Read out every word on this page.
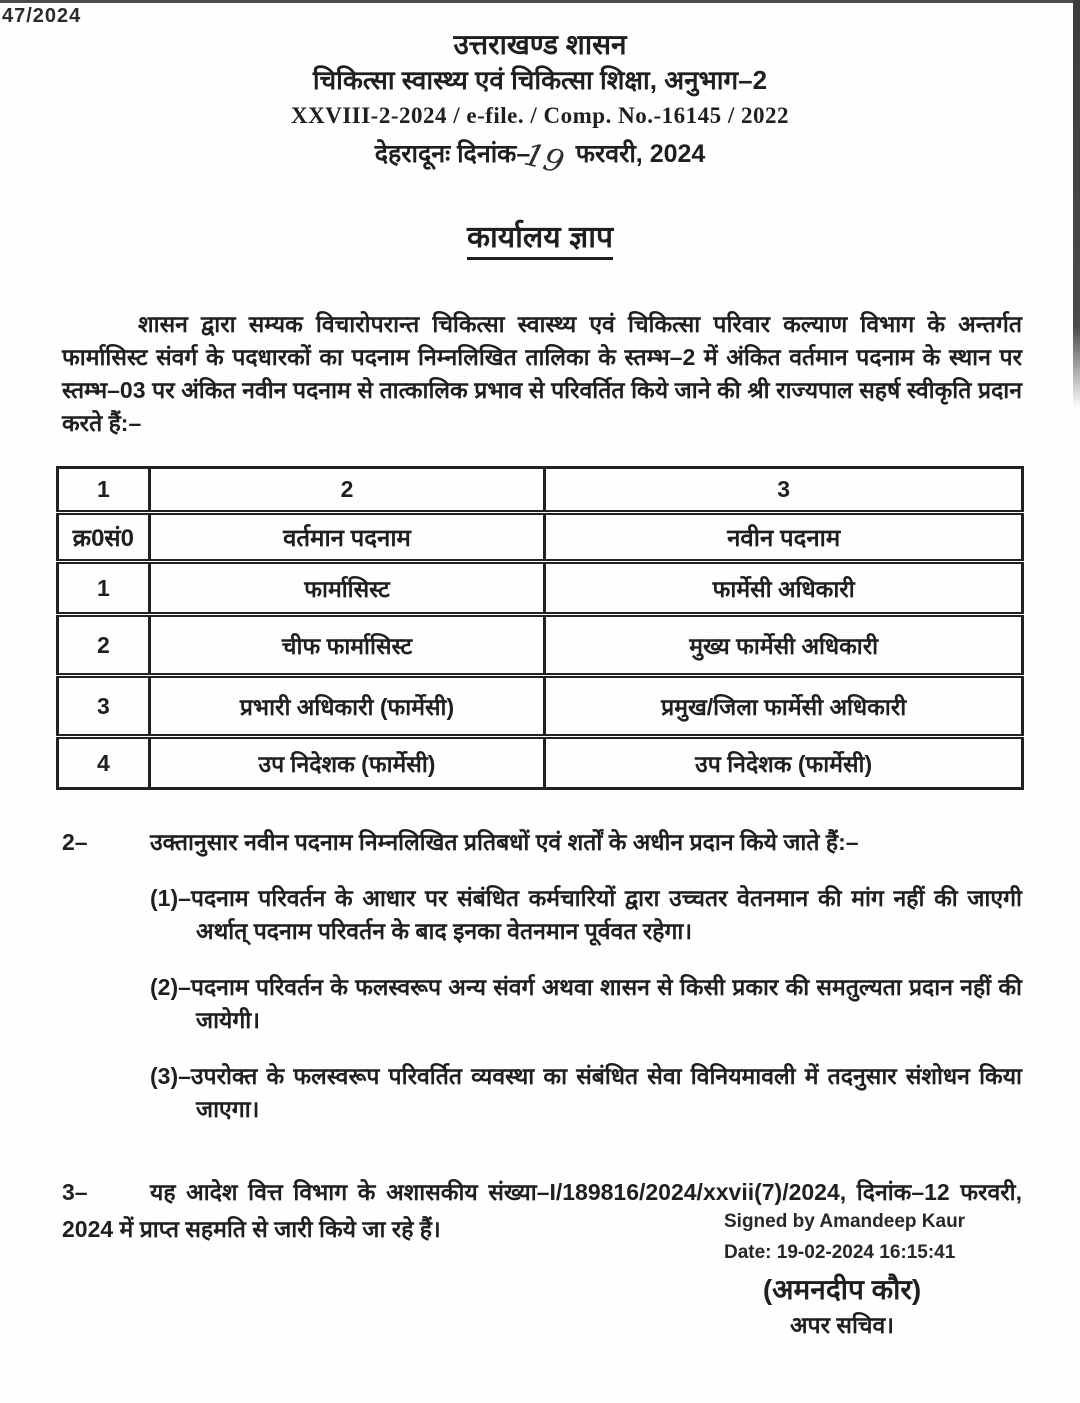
47/2024
उत्तराखण्ड शासन
चिकित्सा स्वास्थ्य एवं चिकित्सा शिक्षा, अनुभाग–2
XXVIII-2-2024 / e-file. / Comp. No.-16145 / 2022
देहरादूनः दिनांक–19 फरवरी, 2024
कार्यालय ज्ञाप

शासन द्वारा सम्यक विचारोपरान्त चिकित्सा स्वास्थ्य एवं चिकित्सा परिवार कल्याण विभाग के अन्तर्गत फार्मासिस्ट संवर्ग के पदधारकों का पदनाम निम्नलिखित तालिका के स्तम्भ–2 में अंकित वर्तमान पदनाम के स्थान पर स्तम्भ–03 पर अंकित नवीन पदनाम से तात्कालिक प्रभाव से परिवर्तित किये जाने की श्री राज्यपाल सहर्ष स्वीकृति प्रदान करते हैं:–

1	2	3
क्र0सं0	वर्तमान पदनाम	नवीन पदनाम
1	फार्मासिस्ट	फार्मेसी अधिकारी
2	चीफ फार्मासिस्ट	मुख्य फार्मेसी अधिकारी
3	प्रभारी अधिकारी (फार्मेसी)	प्रमुख/जिला फार्मेसी अधिकारी
4	उप निदेशक (फार्मेसी)	उप निदेशक (फार्मेसी)

2–	उक्तानुसार नवीन पदनाम निम्नलिखित प्रतिबधों एवं शर्तों के अधीन प्रदान किये जाते हैं:–

(1)–पदनाम परिवर्तन के आधार पर संबंधित कर्मचारियों द्वारा उच्चतर वेतनमान की मांग नहीं की जाएगी अर्थात् पदनाम परिवर्तन के बाद इनका वेतनमान पूर्ववत रहेगा।

(2)–पदनाम परिवर्तन के फलस्वरूप अन्य संवर्ग अथवा शासन से किसी प्रकार की समतुल्यता प्रदान नहीं की जायेगी।

(3)–उपरोक्त के फलस्वरूप परिवर्तित व्यवस्था का संबंधित सेवा विनियमावली में तदनुसार संशोधन किया जाएगा।

3–	यह आदेश वित्त विभाग के अशासकीय संख्या–I/189816/2024/xxvii(7)/2024, दिनांक–12 फरवरी, 2024 में प्राप्त सहमति से जारी किये जा रहे हैं।	Signed by Amandeep Kaur
Date: 19-02-2024 16:15:41
(अमनदीप कौर)
अपर सचिव।
